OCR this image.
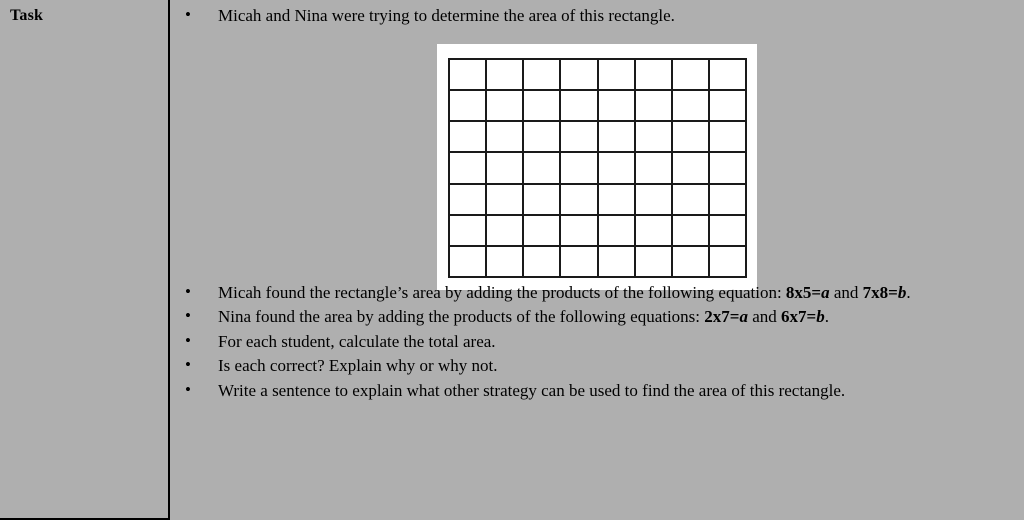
Task	• Micah and Nina were trying to determine the area of this rectangle.
• Micah found the rectangle’s area by adding the products of the following equation: 8x5=a and 7x8=b.
• Nina found the area by adding the products of the following equations: 2x7=a and 6x7=b.
• For each student, calculate the total area.
• Is each correct? Explain why or why not.
• Write a sentence to explain what other strategy can be used to find the area of this rectangle.
